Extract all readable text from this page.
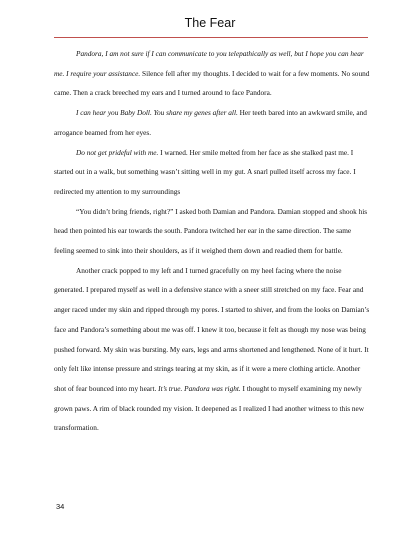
The Fear

Pandora, I am not sure if I can communicate to you telepathically as well, but I hope you can hear me. I require your assistance. Silence fell after my thoughts. I decided to wait for a few moments. No sound came. Then a crack breeched my ears and I turned around to face Pandora.

I can hear you Baby Doll. You share my genes after all. Her teeth bared into an awkward smile, and arrogance beamed from her eyes.

Do not get prideful with me. I warned. Her smile melted from her face as she stalked past me. I started out in a walk, but something wasn’t sitting well in my gut. A snarl pulled itself across my face. I redirected my attention to my surroundings

“You didn’t bring friends, right?” I asked both Damian and Pandora. Damian stopped and shook his head then pointed his ear towards the south. Pandora twitched her ear in the same direction. The same feeling seemed to sink into their shoulders, as if it weighed them down and readied them for battle.

Another crack popped to my left and I turned gracefully on my heel facing where the noise generated. I prepared myself as well in a defensive stance with a sneer still stretched on my face. Fear and anger raced under my skin and ripped through my pores. I started to shiver, and from the looks on Damian’s face and Pandora’s something about me was off. I knew it too, because it felt as though my nose was being pushed forward. My skin was bursting. My ears, legs and arms shortened and lengthened. None of it hurt. It only felt like intense pressure and strings tearing at my skin, as if it were a mere clothing article. Another shot of fear bounced into my heart. It’s true. Pandora was right. I thought to myself examining my newly grown paws. A rim of black rounded my vision. It deepened as I realized I had another witness to this new transformation.

34
